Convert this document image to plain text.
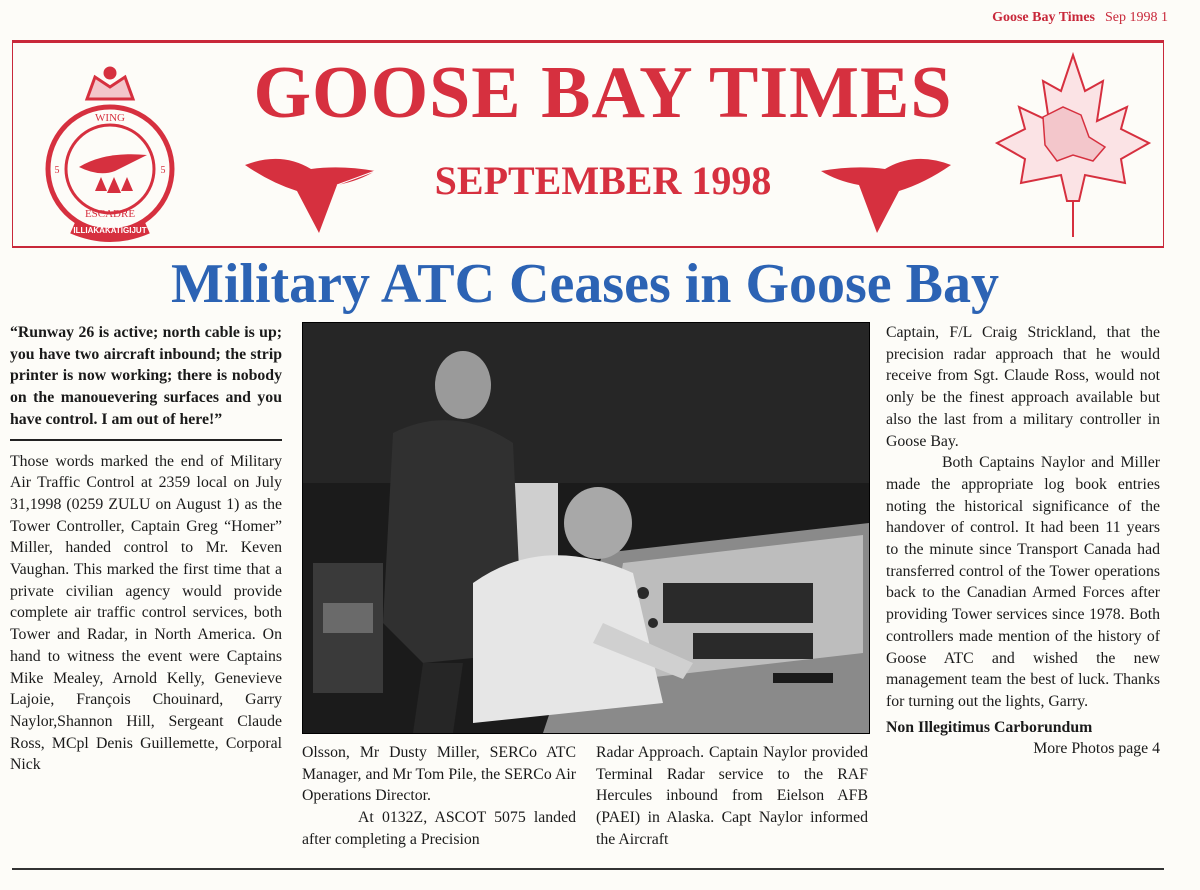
Goose Bay Times Sep 1998 1
WING
ESCADRE
ILLIAKAKATIGIJUT
5	5
GOOSE BAY TIMES
SEPTEMBER 1998
Military ATC Ceases in Goose Bay

“Runway 26 is active; north cable is up; you have two aircraft inbound; the strip printer is now working; there is nobody on the manouevering surfaces and you have control. I am out of here!”

Those words marked the end of Military Air Traffic Control at 2359 local on July 31,1998 (0259 ZULU on August 1) as the Tower Controller, Captain Greg “Homer” Miller, handed control to Mr. Keven Vaughan. This marked the first time that a private civilian agency would provide complete air traffic control services, both Tower and Radar, in North America. On hand to witness the event were Captains Mike Mealey, Arnold Kelly, Genevieve Lajoie, François Chouinard, Garry Naylor,Shannon Hill, Sergeant Claude Ross, MCpl Denis Guillemette, Corporal Nick

Olsson, Mr Dusty Miller, SERCo ATC Manager, and Mr Tom Pile, the SERCo Air Operations Director.

At 0132Z, ASCOT 5075 landed after completing a Precision

Radar Approach. Captain Naylor provided Terminal Radar service to the RAF Hercules inbound from Eielson AFB (PAEI) in Alaska. Capt Naylor informed the Aircraft

Captain, F/L Craig Strickland, that the precision radar approach that he would receive from Sgt. Claude Ross, would not only be the finest approach available but also the last from a military controller in Goose Bay.

Both Captains Naylor and Miller made the appropriate log book entries noting the historical significance of the handover of control. It had been 11 years to the minute since Transport Canada had transferred control of the Tower operations back to the Canadian Armed Forces after providing Tower services since 1978. Both controllers made mention of the history of Goose ATC and wished the new management team the best of luck. Thanks for turning out the lights, Garry.

Non Illegitimus Carborundum

More Photos page 4
